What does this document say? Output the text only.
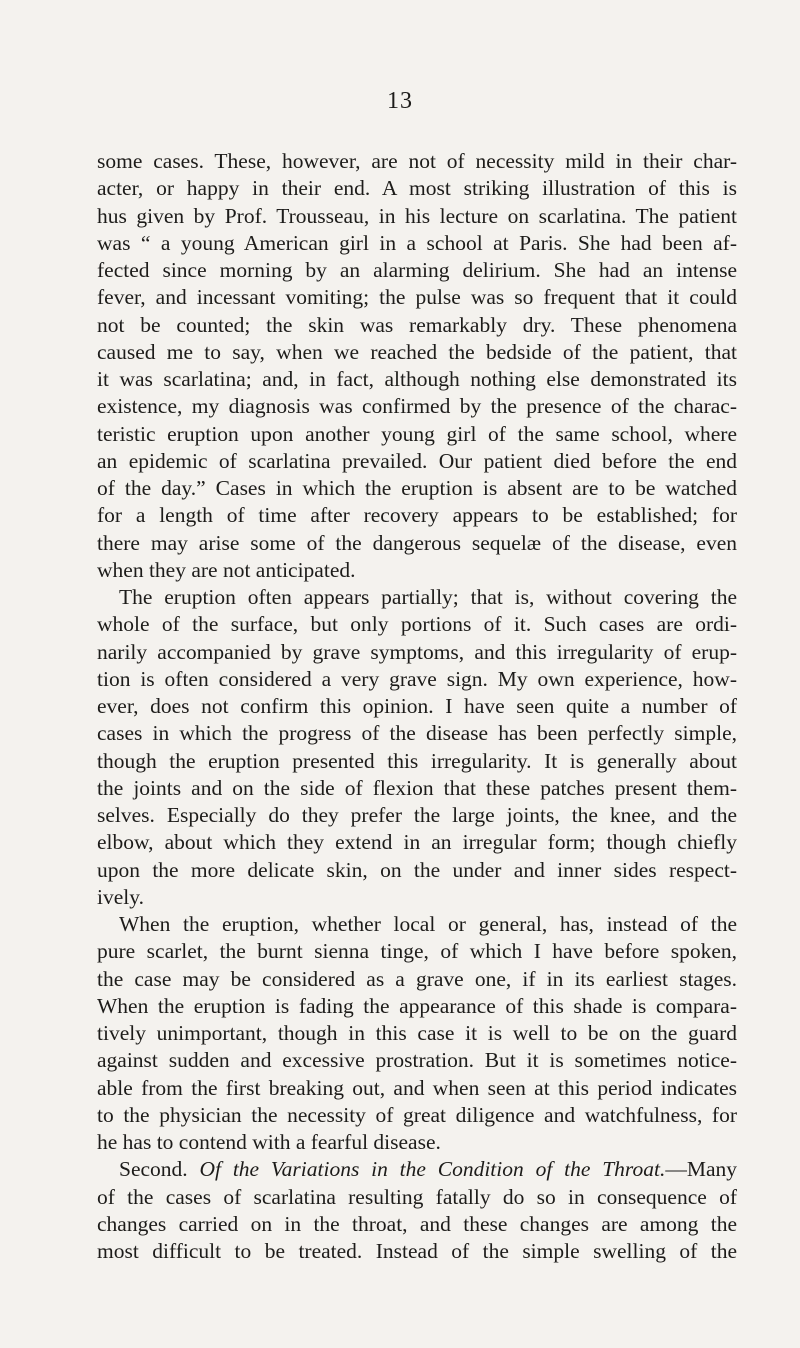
13
some cases. These, however, are not of necessity mild in their char-
acter, or happy in their end. A most striking illustration of this is
hus given by Prof. Trousseau, in his lecture on scarlatina. The patient
was “ a young American girl in a school at Paris. She had been af-
fected since morning by an alarming delirium. She had an intense
fever, and incessant vomiting; the pulse was so frequent that it could
not be counted; the skin was remarkably dry. These phenomena
caused me to say, when we reached the bedside of the patient, that
it was scarlatina; and, in fact, although nothing else demonstrated its
existence, my diagnosis was confirmed by the presence of the charac-
teristic eruption upon another young girl of the same school, where
an epidemic of scarlatina prevailed. Our patient died before the end
of the day.” Cases in which the eruption is absent are to be watched
for a length of time after recovery appears to be established; for
there may arise some of the dangerous sequelæ of the disease, even
when they are not anticipated.
The eruption often appears partially; that is, without covering the
whole of the surface, but only portions of it. Such cases are ordi-
narily accompanied by grave symptoms, and this irregularity of erup-
tion is often considered a very grave sign. My own experience, how-
ever, does not confirm this opinion. I have seen quite a number of
cases in which the progress of the disease has been perfectly simple,
though the eruption presented this irregularity. It is generally about
the joints and on the side of flexion that these patches present them-
selves. Especially do they prefer the large joints, the knee, and the
elbow, about which they extend in an irregular form; though chiefly
upon the more delicate skin, on the under and inner sides respect-
ively.
When the eruption, whether local or general, has, instead of the
pure scarlet, the burnt sienna tinge, of which I have before spoken,
the case may be considered as a grave one, if in its earliest stages.
When the eruption is fading the appearance of this shade is compara-
tively unimportant, though in this case it is well to be on the guard
against sudden and excessive prostration. But it is sometimes notice-
able from the first breaking out, and when seen at this period indicates
to the physician the necessity of great diligence and watchfulness, for
he has to contend with a fearful disease.
Second. Of the Variations in the Condition of the Throat.—Many
of the cases of scarlatina resulting fatally do so in consequence of
changes carried on in the throat, and these changes are among the
most difficult to be treated. Instead of the simple swelling of the
